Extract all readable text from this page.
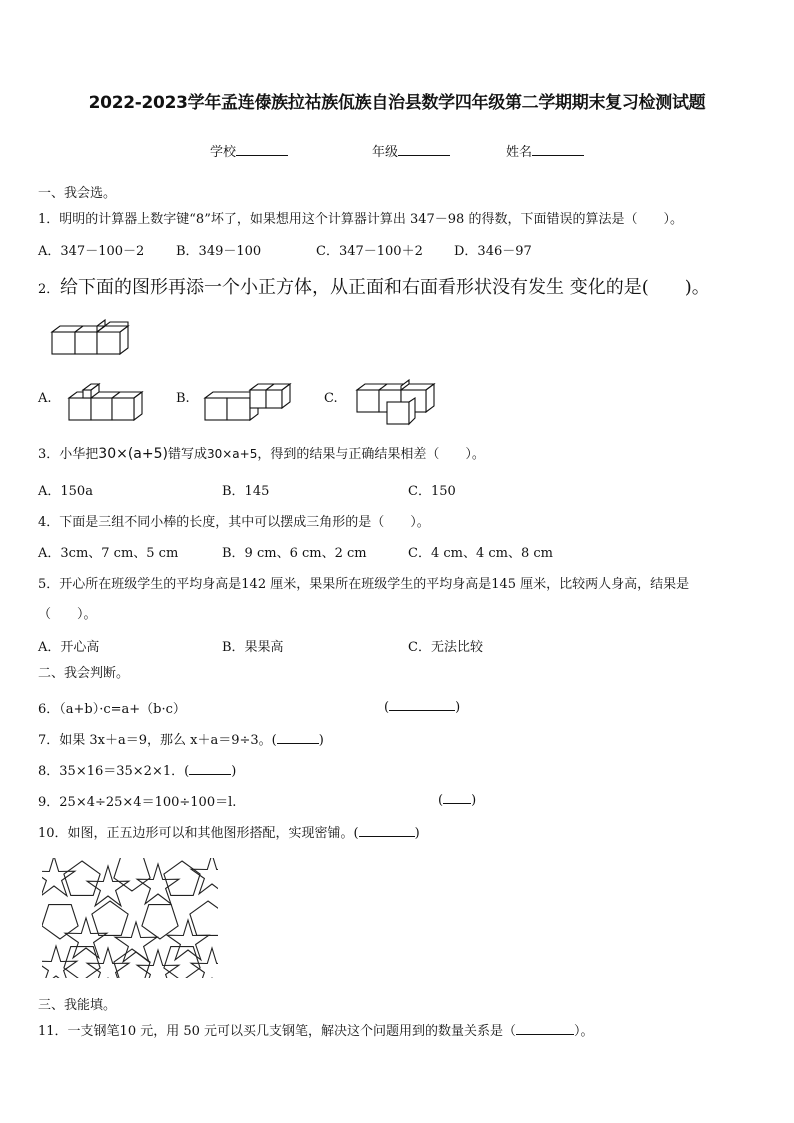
2022-2023学年孟连傣族拉祜族佤族自治县数学四年级第二学期期末复习检测试题
学校	年级	姓名
一、我会选。
1．明明的计算器上数字键“8”坏了，如果想用这个计算器计算出 347－98 的得数，下面错误的算法是（　　）。
A．347－100－2 B．349－100	C．347－100＋2 D．346－97
2． 给下面的图形再添一个小正方体，从正面和右面看形状没有发生 变化的是(　　)。
A.	B.	C.
3．小华把30×(a+5)错写成30×a+5，得到的结果与正确结果相差（　　）。
A．150a	B．145	C．150
4．下面是三组不同小棒的长度，其中可以摆成三角形的是（　　）。
A．3cm、7 cm、5 cm	B．9 cm、6 cm、2 cm	C．4 cm、4 cm、8 cm
5．开心所在班级学生的平均身高是142 厘米，果果所在班级学生的平均身高是145 厘米，比较两人身高，结果是
（　　）。
A．开心高	B．果果高	C．无法比较
二、我会判断。
6．（a+b）·c=a+（b·c）	(	)
7．如果 3x＋a＝9，那么 x＋a＝9÷3。(	)
8．35×16＝35×2×1．(	)
9．25×4÷25×4＝100÷100＝l.	( )
10．如图，正五边形可以和其他图形搭配，实现密铺。(	)
三、我能填。
11．一支钢笔10 元，用 50 元可以买几支钢笔，解决这个问题用到的数量关系是（	）。
